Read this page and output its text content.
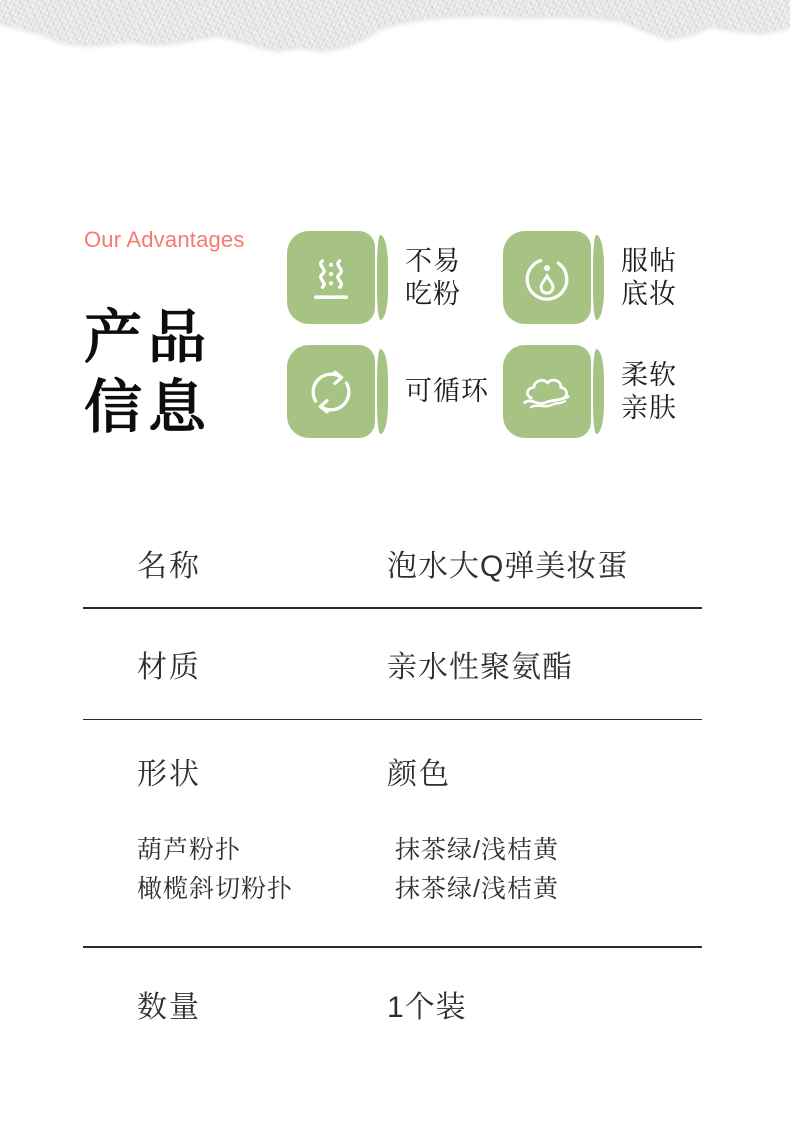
Our Advantages
产品
信息
不易
吃粉
服帖
底妆
可循环
柔软
亲肤
名称	泡水大Q弹美妆蛋
材质	亲水性聚氨酯
形状	颜色
葫芦粉扑	抹茶绿/浅桔黄
橄榄斜切粉扑	抹茶绿/浅桔黄
数量	1个装
